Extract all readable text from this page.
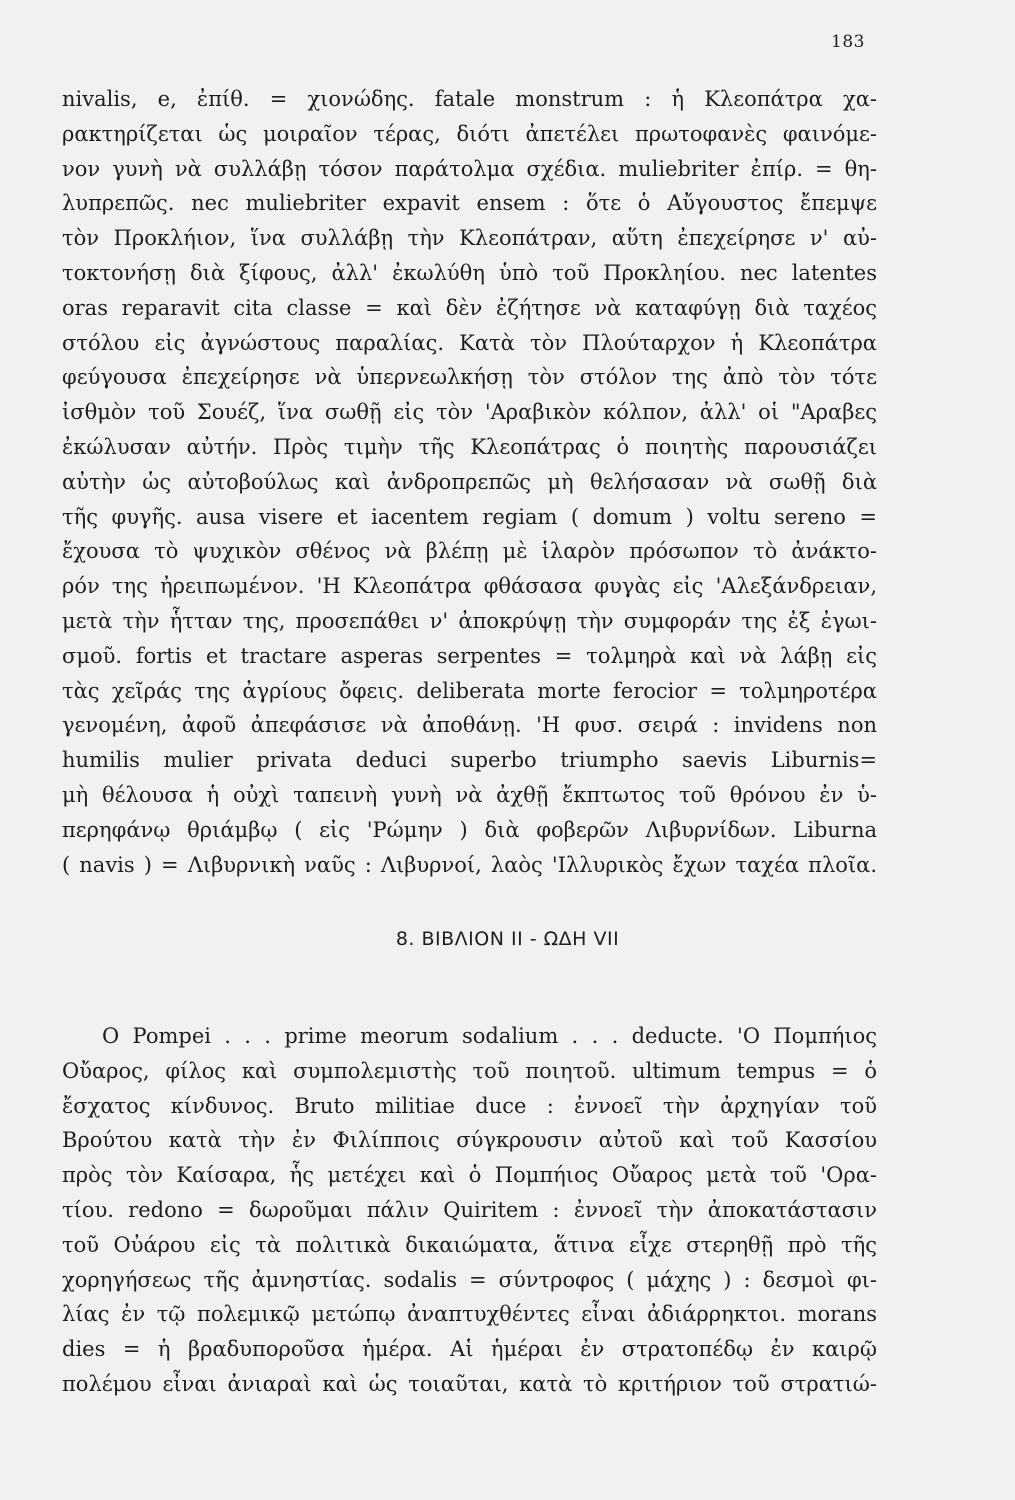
183
nivalis, e, ἐπίθ. = χιονώδης. fatale monstrum : ἡ Κλεοπάτρα χα-
ρακτηρίζεται ὡς μοιραῖον τέρας, διότι ἀπετέλει πρωτοφανὲς φαινόμε-
νον γυνὴ νὰ συλλάβῃ τόσον παράτολμα σχέδια. muliebriter ἐπίρ. = θη-
λυπρεπῶς. nec muliebriter expavit ensem : ὅτε ὁ Αὔγουστος ἔπεμψε
τὸν Προκλήιον, ἵνα συλλάβῃ τὴν Κλεοπάτραν, αὕτη ἐπεχείρησε ν' αὐ-
τοκτονήσῃ διὰ ξίφους, ἀλλ' ἐκωλύθη ὑπὸ τοῦ Προκληίου. nec latentes
oras reparavit cita classe = καὶ δὲν ἐζήτησε νὰ καταφύγῃ διὰ ταχέος
στόλου εἰς ἀγνώστους παραλίας. Κατὰ τὸν Πλούταρχον ἡ Κλεοπάτρα
φεύγουσα ἐπεχείρησε νὰ ὑπερνεωλκήσῃ τὸν στόλον της ἀπὸ τὸν τότε
ἰσθμὸν τοῦ Σουέζ, ἵνα σωθῇ εἰς τὸν 'Αραβικὸν κόλπον, ἀλλ' οἱ "Αραβες
ἐκώλυσαν αὐτήν. Πρὸς τιμὴν τῆς Κλεοπάτρας ὁ ποιητὴς παρουσιάζει
αὐτὴν ὡς αὐτοβούλως καὶ ἀνδροπρεπῶς μὴ θελήσασαν νὰ σωθῇ διὰ
τῆς φυγῆς. ausa visere et iacentem regiam ( domum ) voltu sereno =
ἔχουσα τὸ ψυχικὸν σθένος νὰ βλέπῃ μὲ ἱλαρὸν πρόσωπον τὸ ἀνάκτο-
ρόν της ἠρειπωμένον. 'Η Κλεοπάτρα φθάσασα φυγὰς εἰς 'Αλεξάνδρειαν,
μετὰ τὴν ἧτταν της, προσεπάθει ν' ἀποκρύψῃ τὴν συμφοράν της ἐξ ἐγωι-
σμοῦ. fortis et tractare asperas serpentes = τολμηρὰ καὶ νὰ λάβῃ εἰς
τὰς χεῖράς της ἀγρίους ὄφεις. deliberata morte ferocior = τολμηροτέρα
γενομένη, ἀφοῦ ἀπεφάσισε νὰ ἀποθάνῃ. 'Η φυσ. σειρά : invidens non
humilis mulier privata deduci superbo triumpho saevis Liburnis=
μὴ θέλουσα ἡ οὐχὶ ταπεινὴ γυνὴ νὰ ἀχθῇ ἔκπτωτος τοῦ θρόνου ἐν ὑ-
περηφάνῳ θριάμβῳ ( εἰς 'Ρώμην ) διὰ φοβερῶν Λιβυρνίδων. Liburna
( navis ) = Λιβυρνικὴ ναῦς : Λιβυρνοί, λαὸς 'Ιλλυρικὸς ἔχων ταχέα πλοῖα.
8. ΒΙΒΛΙΟΝ ΙΙ - ΩΔΗ VII
O Pompei . . . prime meorum sodalium . . . deducte. 'Ο Πομπήιος
Οὔαρος, φίλος καὶ συμπολεμιστὴς τοῦ ποιητοῦ. ultimum tempus = ὁ
ἔσχατος κίνδυνος. Bruto militiae duce : ἐννοεῖ τὴν ἀρχηγίαν τοῦ
Βρούτου κατὰ τὴν ἐν Φιλίπποις σύγκρουσιν αὐτοῦ καὶ τοῦ Κασσίου
πρὸς τὸν Καίσαρα, ἧς μετέχει καὶ ὁ Πομπήιος Οὔαρος μετὰ τοῦ 'Ορα-
τίου. redono = δωροῦμαι πάλιν Quiritem : ἐννοεῖ τὴν ἀποκατάστασιν
τοῦ Οὐάρου εἰς τὰ πολιτικὰ δικαιώματα, ἅτινα εἶχε στερηθῇ πρὸ τῆς
χορηγήσεως τῆς ἀμνηστίας. sodalis = σύντροφος ( μάχης ) : δεσμοὶ φι-
λίας ἐν τῷ πολεμικῷ μετώπῳ ἀναπτυχθέντες εἶναι ἀδιάρρηκτοι. morans
dies = ἡ βραδυποροῦσα ἡμέρα. Αἱ ἡμέραι ἐν στρατοπέδῳ ἐν καιρῷ
πολέμου εἶναι ἀνιαραὶ καὶ ὡς τοιαῦται, κατὰ τὸ κριτήριον τοῦ στρατιώ-
